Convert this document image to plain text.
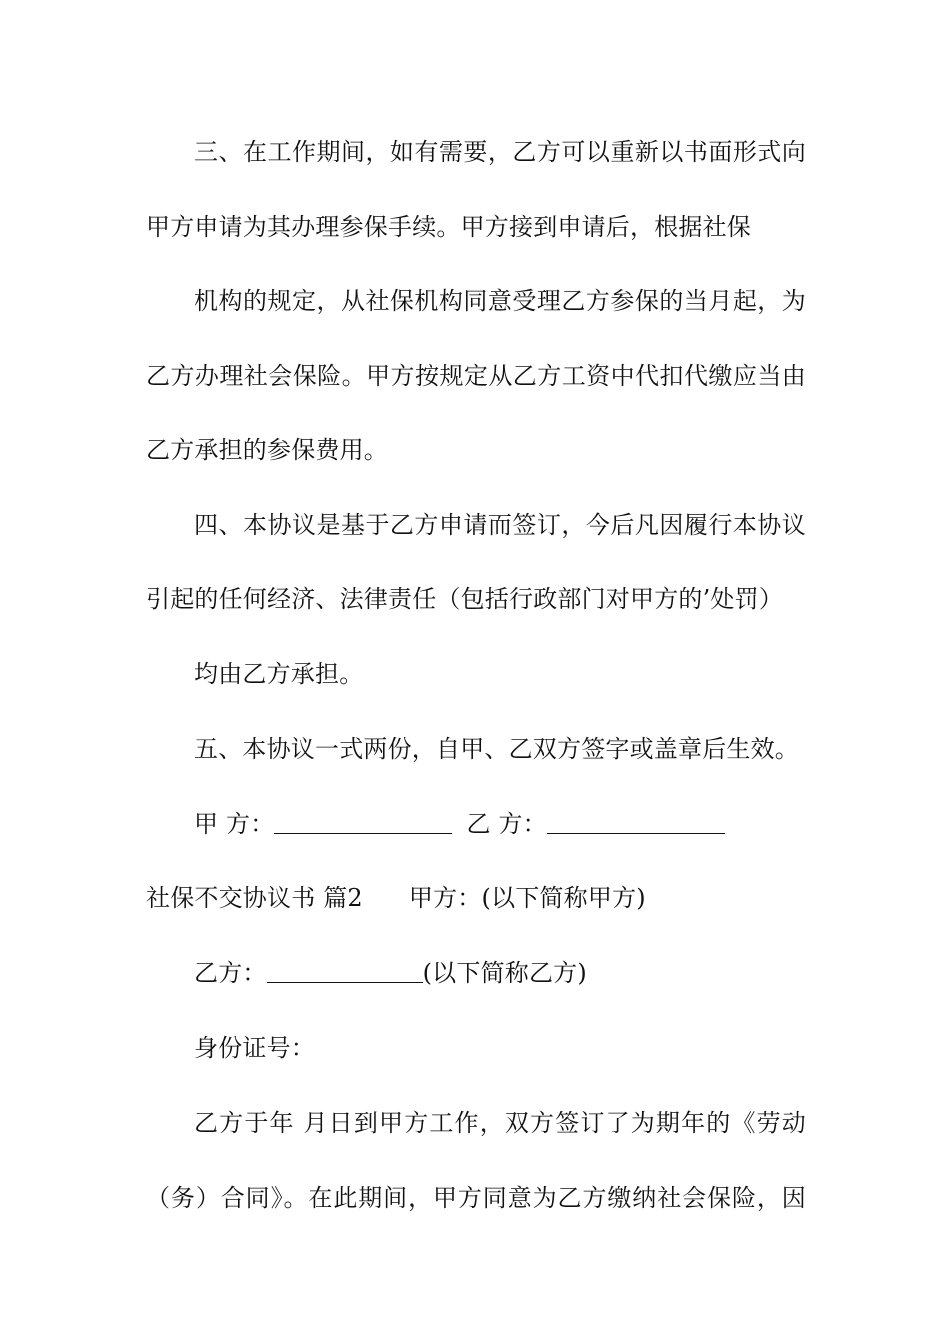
三、在工作期间，如有需要，乙方可以重新以书面形式向
甲方申请为其办理参保手续。甲方接到申请后，根据社保
机构的规定，从社保机构同意受理乙方参保的当月起，为
乙方办理社会保险。甲方按规定从乙方工资中代扣代缴应当由
乙方承担的参保费用。
四、本协议是基于乙方申请而签订，今后凡因履行本协议
引起的任何经济、法律责任（包括行政部门对甲方的’处罚）
均由乙方承担。
五、本协议一式两份，自甲、乙双方签字或盖章后生效。
甲 方：	乙 方：
社保不交协议书 篇2 甲方：(以下简称甲方)
乙方：	(以下简称乙方)
身份证号：
乙方于年 月日到甲方工作，双方签订了为期年的《劳动
（务）合同》。在此期间，甲方同意为乙方缴纳社会保险，因
